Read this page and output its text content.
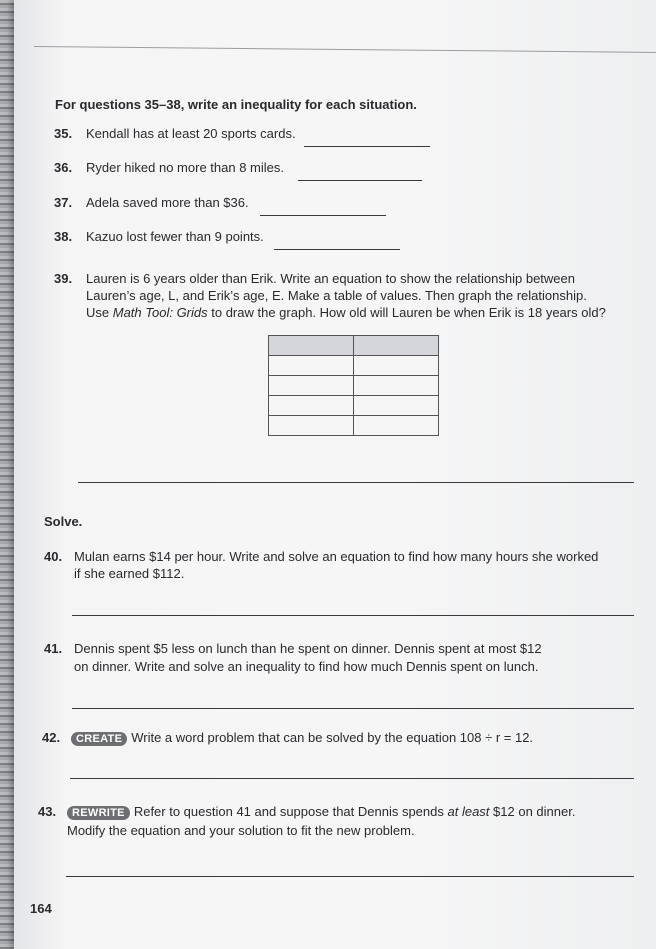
For questions 35–38, write an inequality for each situation.
35. Kendall has at least 20 sports cards.
36. Ryder hiked no more than 8 miles.
37. Adela saved more than $36.
38. Kazuo lost fewer than 9 points.
39. Lauren is 6 years older than Erik. Write an equation to show the relationship between
Lauren’s age, L, and Erik’s age, E. Make a table of values. Then graph the relationship.
Use Math Tool: Grids to draw the graph. How old will Lauren be when Erik is 18 years old?

Solve.
40. Mulan earns $14 per hour. Write and solve an equation to find how many hours she worked
if she earned $112.
41. Dennis spent $5 less on lunch than he spent on dinner. Dennis spent at most $12
on dinner. Write and solve an inequality to find how much Dennis spent on lunch.
42.	CREATE Write a word problem that can be solved by the equation 108 ÷ r = 12.
43.	REWRITE Refer to question 41 and suppose that Dennis spends at least $12 on dinner.
Modify the equation and your solution to fit the new problem.
164
